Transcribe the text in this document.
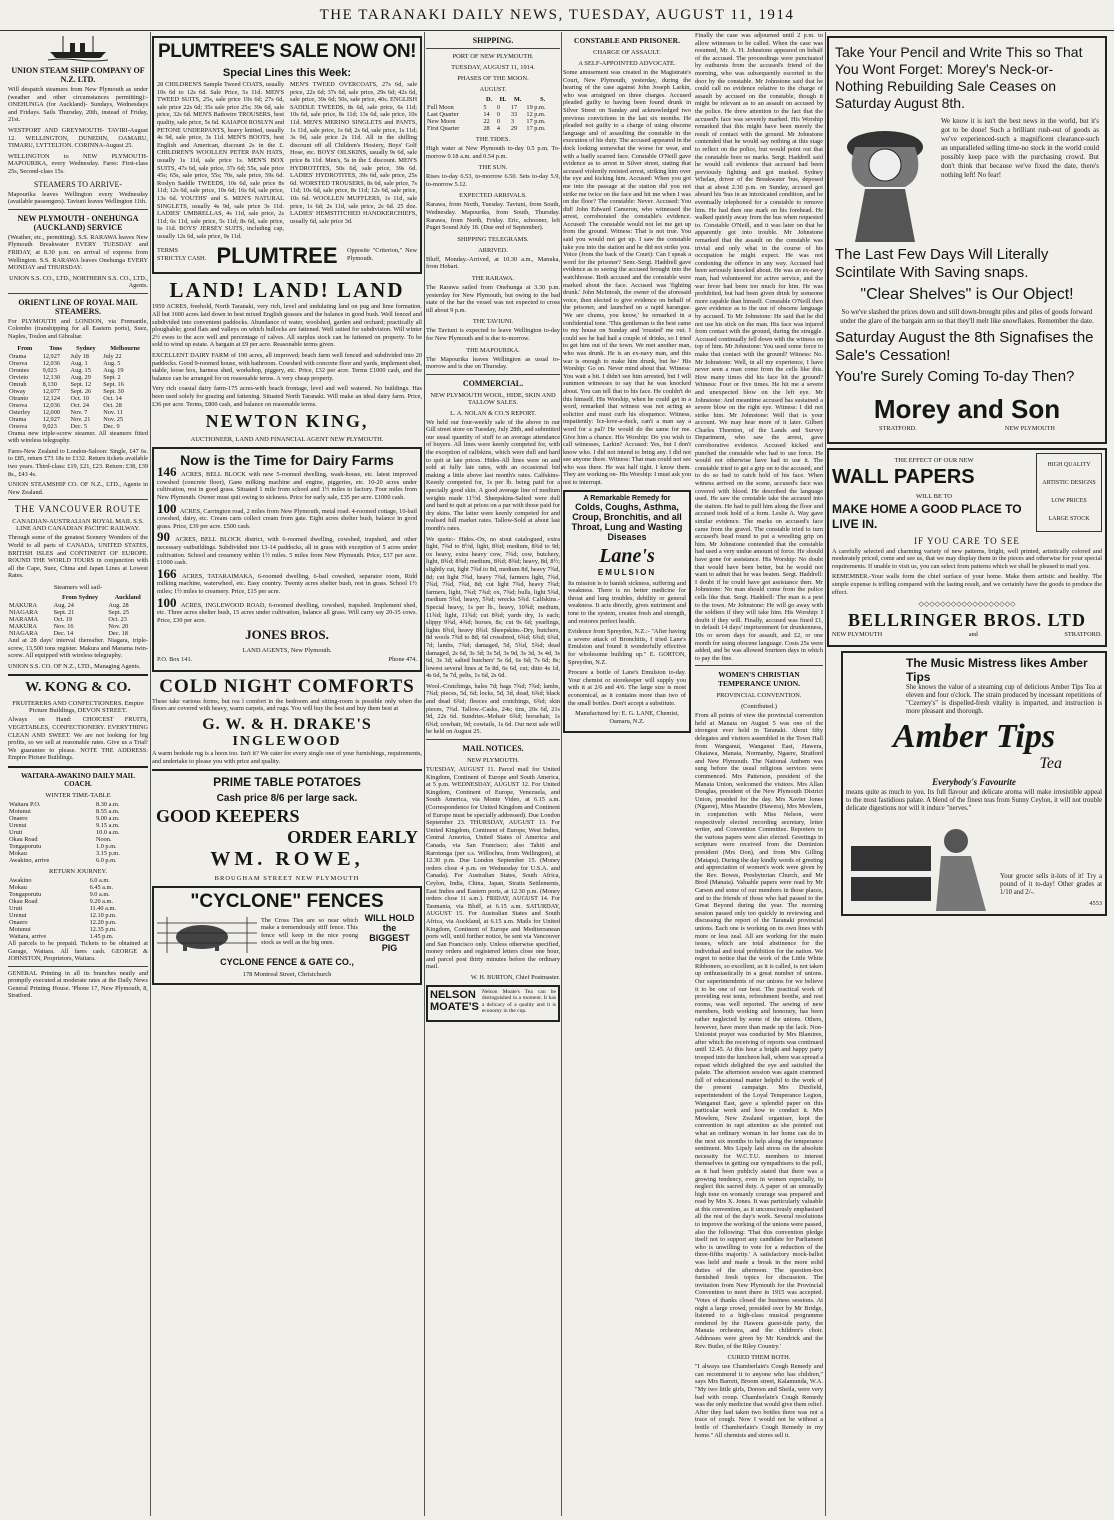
THE TARANAKI DAILY NEWS, TUESDAY, AUGUST 11, 1914
UNION STEAM SHIP COMPANY OF N.Z. LTD.

Will despatch steamers from New Plymouth as under (weather and other circumstances permitting):- ONEHUNGA (for Auckland)- Sundays, Wednesdays and Fridays. Sails Thursday, 20th, instead of Friday, 21st.

WESTPORT AND GREYMOUTH- TAVIRI-August 12. WELLINGTON, DUNEDIN, OAMARU, TIMARU, LYTTELTON. CORINNA-August 25.

WELLINGTON to NEW PLYMOUTH- MAPOURIKA, every Wednesday. Fares: First-class 25s, Second-class 15s.

STEAMERS TO ARRIVE-

Mapourika leaves Wellington every Wednesday (available passengers). Taviuni leaves Wellington 11th.

NEW PLYMOUTH - ONEHUNGA (AUCKLAND) SERVICE

(Weather, etc., permitting). S.S. RARAWA leaves New Plymouth Breakwater EVERY TUESDAY and FRIDAY, at 8.30 p.m. on arrival of express from Wellington. S.S. RARAWA leaves Onehunga EVERY MONDAY and THURSDAY.

UNION S.S. CO., LTD., NORTHERN S.S. CO., LTD., Agents.

ORIENT LINE OF ROYAL MAIL STEAMERS.

For PLYMOUTH and LONDON, via Fremantle, Colombo (transhipping for all Eastern ports), Suez, Naples, Toulon and Gibraltar.

From	Tons	Sydney	Melbourne
Orama	12,927	July 18	July 22
Orsova	12,036	Aug. 1	Aug. 5
Orontes	9,023	Aug. 15	Aug. 19
Orvieto	12,130	Aug. 29	Sept. 2
Omrah	8,130	Sept. 12	Sept. 16
Otway	12,077	Sept. 26	Sept. 30
Otranto	12,124	Oct. 10	Oct. 14
Orsova	12,036	Oct. 24	Oct. 28
Osterley	12,000	Nov. 7	Nov. 11
Orama	12,927	Nov. 21	Nov. 25
Orsova	9,023	Dec. 5	Dec. 9

Orama new triple-screw steamer. All steamers fitted with wireless telegraphy.

Fares-New Zealand to London-Saloon: Single, £47 6s. to £85, return £73 18s to £132. Return tickets available two years. Third-class: £19, £21, £23. Return: £38, £39 8s., £43 4s.

UNION STEAMSHIP CO. OF N.Z., LTD., Agents in New Zealand.

THE VANCOUVER ROUTE
CANADIAN-AUSTRALIAN ROYAL MAIL S.S. LINE AND CANADIAN PACIFIC RAILWAY.

Through some of the greatest Scenery Wonders of the World to all parts of CANADA, UNITED STATES, BRITISH ISLES and CONTINENT OF EUROPE. ROUND THE WORLD TOURS in conjunction with all the Cape, Suez, China and Japan Lines at Lowest Rates.

Steamers will sail-
	From Sydney	Auckland
MAKURA	Aug. 24	Aug. 28
NIAGARA	Sept. 21	Sept. 25
MARAMA	Oct. 19	Oct. 23
MAKURA	Nov. 16	Nov. 20
NIAGARA	Dec. 14	Dec. 18

And at 28 days' interval thereafter. Niagara, triple-screw, 13,500 tons register. Makura and Marama twin-screw. All equipped with wireless telegraphy.

UNION S.S. CO. OF N.Z., LTD., Managing Agents.

W. KONG & CO.
FRUITERERS AND CONFECTIONERS. Empire Picture Buildings, DEVON STREET.

Always on Hand: CHOICEST FRUITS, VEGETABLES, CONFECTIONERY. EVERYTHING CLEAN AND SWEET. We are not looking for big profits, so we sell at reasonable rates. Give us a Trial! We guarantee to please. NOTE THE ADDRESS: Empire Picture Buildings.

WAITARA-AWAKINO DAILY MAIL COACH.
WINTER TIME-TABLE
Waitara P.O.	8.30 a.m.
Motunui	8.55 a.m.
Onaero	9.00 a.m.
Urenui	9.15 a.m.
Uruti	10.0 a.m.
Okau Road	Noon.
Tongaporutu	1.0 p.m.
Mokau	3.15 p.m.
Awakino, arrive	6.0 p.m.
RETURN JOURNEY.
Awakino	6.0 a.m.
Mokau	6.45 a.m.
Tongaporutu	9.0 a.m.
Okau Road	9.20 a.m.
Uruti	11.40 a.m.
Urenui	12.10 p.m.
Onaero	12.20 p.m.
Motunui	12.35 p.m.
Waitara, arrive	1.45 p.m.

All parcels to be prepaid. Tickets to be obtained at Garage, Waitara. All fares cash. GEORGE & JOHNSTON, Proprietors, Waitara.

GENERAL Printing in all its branches neatly and promptly executed at moderate rates at the Daily News General Printing House. 'Phone 17, New Plymouth, 8, Stratford.

PLUMTREE'S SALE NOW ON!
Special Lines this Week:

28 CHILDREN'S Sample Tweed COATS, usually 10s 6d to 12s 6d. Sale Price, 5s 11d. MEN'S TWEED SUITS, 25s, sale price 19s 6d; 27s 6d, sale price 22s 6d; 35s sale price 25s; 39s 6d, sale price, 32s 6d. MEN'S Bathwire TROUSERS, best quality, sale price, 5s 6d. KAIAPOI ROSLYN and PETONE UNDERPANTS, heavy knitted, usually 4s 9d, sale price, 3s 11d. MEN'S BOOTS, best English and American, discount 2s in the £. CHILDREN'S WOOLLEN PETER PAN HATS, usually 1s 11d, sale price 1s. MEN'S BOX SUITS, 47s 6d, sale price, 37s 6d; 55s, sale price 45s; 65s, sale price, 55s; 70s, sale price, 59s 6d. Roslyn Saddle TWEEDS, 10s 6d, sale price 8s 11d; 12s 6d, sale price, 10s 6d; 16s 6d, sale price, 13s 6d. YOUTHS' and S. MEN'S NATURAL SINGLETS, usually 4s 9d, sale price 3s 11d. LADIES' UMBRELLAS, 4s 11d, sale price, 2s 11d; 6s 11d, sale price, 5s 11d; 8s 6d, sale price, 6s 11d. BOYS' JERSEY SUITS, including cap, usually 12s 6d, sale price, 9s 11d.

MEN'S TWEED OVERCOATS, 27s 6d, sale price, 22s 6d; 37s 6d, sale price, 29s 6d; 42s 6d, sale price, 39s 6d; 50s, sale price, 40s. ENGLISH SADDLE TWEEDS, 8s 6d, sale price, 6s 11d; 10s 6d, sale price, 8s 11d; 13s 6d, sale price, 10s 11d. MEN'S MERINO SINGLETS and PANTS, 1s 11d, sale price, 1s 6d; 2s 6d, sale price, 1s 11d; 3s 9d, sale price 2s 11d. All in the shilling discount off all Children's Hosiery, Boys' Golf Hose, etc. BOYS' OILSKINS, usually 9s 6d, sale price 8s 11d. Men's, 5s in the £ discount. MEN'S HYDROTITES, 50s 6d, sale price, 39s 6d. LADIES' HYDROTITES, 39s 6d, sale price, 25s 6d. WORSTED TROUSERS, 8s 6d, sale price, 7s 11d; 10s 6d, sale price, 8s 11d; 12s 6d, sale price, 10s 6d. WOOLLEN MUFFLERS, 1s 11d, sale price, 1s 6d; 2s 11d, sale price, 2s 6d. 25 doz. LADIES' HEMSTITCHED HANDKERCHIEFS, usually 6d, sale price 3d.

TERMS STRICTLY CASH. PLUMTREE Opposite "Criterion," New Plymouth.
LAND! LAND! LAND

1950 ACRES, freehold, North Taranaki, very rich, level and undulating land on pug and lime formation. All but 1600 acres laid down in best mixed English grasses and the balance in good bush. Well fenced and subdivided into convenient paddocks. Abundance of water, woolshed, garden and orchard; practically all ploughable; good flats and valleys on which bullocks are fattened. Well suited for subdivision. Will winter 2½ ewes to the acre well and percentage of calves. All surplus stock can be fattened on property. To be sold to wind up estate. A bargain at £9 per acre. Reasonable terms given.

EXCELLENT DAIRY FARM of 190 acres, all improved; beach farm well fenced and subdivided into 20 paddocks. Good 9-roomed house, with bathroom. Cowshed with concrete floor and yards, implement shed, stable, loose box, harness shed, workshop, piggery, etc. Price, £32 per acre. Terms £1000 cash, and the balance can be arranged for on reasonable terms. A very cheap property.

Very rich coastal dairy farm-175 acres-with beach frontage, level and well watered. No buildings. Has been used solely for grazing and fattening. Situated North Taranaki. Will make an ideal dairy farm. Price, £36 per acre. Terms, £800 cash, and balance on reasonable terms.

NEWTON KING,
AUCTIONEER, LAND AND FINANCIAL AGENT NEW PLYMOUTH.
Now is the Time for Dairy Farms

146 ACRES, BELL BLOCK with new 5-roomed dwelling, wash-house, etc. latest improved cowshed (concrete floor), Gane milking machine and engine, piggeries, etc. 10-20 acres under cultivation, rest in good grass. Situated 1 mile from school and 1½ miles to factory. Four miles from New Plymouth. Owner must quit owing to sickness. Price for early sale, £35 per acre. £1000 cash.

100 ACRES, Carrington road, 2 miles from New Plymouth, metal road. 4-roomed cottage, 10-bail cowshed, dairy, etc. Cream carts collect cream from gate. Eight acres shelter bush, balance in good grass. Price, £39 per acre. £500 cash.

90 ACRES, BELL BLOCK district, with 6-roomed dwelling, cowshed, trapshed, and other necessary outbuildings. Subdivided into 13-14 paddocks, all in grass with exception of 5 acres under cultivation. School and creamery within 1½ miles. 5 miles from New Plymouth. Price, £37 per acre. £1000 cash.

166 ACRES, TATARAIMAKA, 6-roomed dwelling, 6-bail cowshed, separator room, Ridd milking machine, waterwheel, etc. Easy country. Twenty acres shelter bush, rest in grass. School 1½ miles; 1½ miles to creamery. Price, £15 per acre.

100 ACRES, INGLEWOOD ROAD, 6-roomed dwelling, cowshed, trapshed. Implement shed, etc. Three acres shelter bush, 15 acres under cultivation, balance all grass. Will carry say 20-35 cows. Price, £30 per acre.

JONES BROS.
LAND AGENTS, New Plymouth.
P.O. Box 141.	Phone 474.
COLD NIGHT COMFORTS

These take various forms, but rea l comfort in the bedroom and sitting-room is possible only when the floors are covered with heavy, warm carpets, and rugs. You will buy the best and buy them best at

G. W. & H. DRAKE'S
INGLEWOOD

A warm bedside rug is a hoon too. Isn't it? We cater for every single one of your furnishings, requirements, and undertake to please you with price and quality.

PRIME TABLE POTATOES
Cash price 8/6 per large sack.
GOOD KEEPERS
ORDER EARLY
WM. ROWE,
BROUGHAM STREET NEW PLYMOUTH
"CYCLONE" FENCES

The Cross Ties are so near which make a tremendously stiff fence. This fence will keep in the nice young stock as well as the big ones.

WILL HOLD the BIGGEST PIG
CYCLONE FENCE & GATE CO.,
178 Montreal Street, Christchurch
SHIPPING.
PORT OF NEW PLYMOUTH.
TUESDAY, AUGUST 11, 1914.
PHASES OF THE MOON.
AUGUST.
	D.	H.	M.	S.
Full Moon	5	0	17	19 p.m.
Last Quarter	14	0	33	12 p.m.
New Moon	22	0	3	17 p.m.
First Quarter	28	4	29	17 p.m.
THE TIDES.

High water at New Plymouth to-day 0.5 p.m. To-morrow 0.18 a.m. and 0.54 p.m.

THE SUN.

Rises to-day 6.53, to-morrow 6.50. Sets to-day 5.9, to-morrow 5.12.

EXPECTED ARRIVALS.

Rarawa, from North, Tuesday. Taviuni, from South, Wednesday. Mapourika, from South, Thursday. Rarawa, from North, Friday. Eric, schooner, left Puget Sound July 18. (Due end of September).

SHIPPING TELEGRAMS.
ARRIVED.

Bluff, Monday.-Arrived, at 10.30 a.m., Manuka, from Hobart.

THE RARAWA.

The Rarawa sailed from Onehunga at 3.30 p.m. yesterday for New Plymouth, but owing to the bad state of the bar the vessel was not expected to cross till about 9 p.m.

THE TAVIUNI.

The Taviuni is expected to leave Wellington to-day for New Plymouth and is due to-morrow.

THE MAPOURIKA.

The Mapourika leaves Wellington as usual to-morrow and is due on Thursday.

COMMERCIAL.
NEW PLYMOUTH WOOL, HIDE, SKIN AND TALLOW SALES.
L. A. NOLAN & CO.'S REPORT.

We held our four-weekly sale of the above in our Gill street store on Tuesday, July 28th, and submitted our usual quantity of stuff to an average attendance of buyers. All lines were keenly competed for, with the exception of calfskins, which were dull and hard to quit at late prices. Hides-All lines were on and sold at fully late rates, with an occasional bid making a little above last month's rates. Calfskins-Keenly competed for, 1s per lb. being paid for a specially good skin. A good average line of medium weights made 11½d. Sheepskins-Salted were dull and hard to quit at prices on a par with those paid for dry skins. The latter were keenly competed for and realised full market rates. Tallow-Sold at about last month's rates.

We quote:- Hides.-Ox, no stout catalogued, extra light, 7¾d to 8½d, light, 8¾d; medium, 8¾d to 9d; ox heavy, extra heavy cow, 7¾d; cow, butchery, light, 8¾d; 8¾d; medium, 8¾d; 8¾d; heavy, 8d, 8½; slightly cut, light 7¾d to 8d, medium 8d, heavy 7¾d, 8d; cut light 7¾d, heavy 7¾d, farmers light, 7¾d, 7¾d, 7¾d, 7¾d, 8d; cut light 7¾d, heavy 7¾d; farmers, light, 7¾d; 7¾d; ox, 7¾d; bulls, light 5¾d, medium 5¾d, heavy, 5¾d; wrecks 5¾d. Calfskins.-Special heavy, 1s per lb., heavy, 10¾d; medium, 11¾d; light, 11¾d; cut 8¾d; yards dry, 1s each; slippy 9¾d, 4¾d; horses, 8s; cut 9s 6d; yearlings, lights 8¾d, heavy 8¾d. Sheepskins.-Dry, butchers, 8d wools 7¾d to 8d; 6d crossbred, 6¾d; 6¾d; 6¾d, 7d; lambs, 7¾d; damaged, 5d, 5¾d, 5¾d; dead damaged, 2s 6d, 3s 3d; 3s 5d, 3s 9d, 3s 3d, 3s 4d, 3s 6d, 3s 3d; salted butchers' 5s 6d, 6s 6d; 7s 6d; 8s; lowest several lines at 5s 8d, 6s 6d, cut; ditto 4s 1d, 4s 6d, 5s 7d, pelts, 1s 6d, 2s 6d.

Wool.-Crutchings, bales 7d; bags 7¾d; 7¾d; lambs, 7¾d; pieces, 5d, 6d; locks, 5d, 3d, dead, 6¾d; black and dead 6¾d; fleeces and crutchings, 6¾d; skin pieces, 7¾d. Tallow.-Casks, 24s; tins, 20s 6d, 21s 9d, 22s 6d. Sundries.-Mohair 6¾d; horsehair, 1s 6¾d; cowhair, 9d; cowtails, 1s 6d. Our next sale will be held on August 25.

MAIL NOTICES.
NEW PLYMOUTH.

TUESDAY, AUGUST 11. Parcel mail for United Kingdom, Continent of Europe and South America, at 5 p.m. WEDNESDAY, AUGUST 12. For United Kingdom, Continent of Europe, Venezuela, and South America, via Monte Video, at 6.15 a.m. (Correspondence for United Kingdom and Continent of Europe must be specially addressed). Due London September 23. THURSDAY, AUGUST 13. For United Kingdom, Continent of Europe, West Indies, Central America, United States of America and Canada, via San Francisco; also Tahiti and Rarotonga (per s.s. Willochra, from Wellington), at 12.30 p.m. Due London September 15. (Money orders close 4 p.m. on Wednesday for U.S.A. and Canada). For Australian States, South Africa, Ceylon, India, China, Japan, Straits Settlements, East Indies and Eastern ports, at 12.30 p.m. (Money orders close 11 a.m.). FRIDAY, AUGUST 14. For Tasmania, via Bluff, at 6.15 a.m. SATURDAY, AUGUST 15. For Australian States and South Africa, via Auckland, at 6.15 a.m. Mails for United Kingdom, Continent of Europe and Mediterranean ports will, until further notice, be sent via Vancouver and San Francisco only. Unless otherwise specified, money orders and registered letters close one hour, and parcel post thirty minutes before the ordinary mail.

W. H. BURTON, Chief Postmaster.

NELSON
MOATE'S

Nelson Moate's Tea can be distinguished in a moment. It has a delicacy of a quality and it is economy in the cup.

CONSTABLE AND PRISONER.
CHARGE OF ASSAULT.
A SELF-APPOINTED ADVOCATE.

Some amusement was created in the Magistrate's Court, New Plymouth, yesterday, during the hearing of the case against John Joseph Larkin, who was arraigned on three charges. Accused pleaded guilty to having been found drunk in Silver Street on Sunday and acknowledged two previous convictions in the last six months. He pleaded not guilty to a charge of using obscene language and of assaulting the constable in the execution of his duty. The accused appeared in the dock looking somewhat the worse for wear, and with a badly scarred face. Constable O'Neill gave evidence as to arrest in Silver street, stating that accused violently resisted arrest, striking him over the eye and kicking him. Accused: When you got me into the passage at the station did you not strike me twice on the face and hit me when I was on the floor? The constable: Never. Accused: You did! John Edward Cameron, who witnessed the arrest, corroborated the constable's evidence. Accused: The constable would not let me get up from the ground. Witness: That is not true. You said you would not get up. I saw the constable take you into the station and he did not strike you. Voice (from the back of the Court): Can I speak a word for the prisoner? Senr.-Sergt. Haddrell gave evidence as to seeing the accused brought into the watchhouse. Both accused and the constable were marked about the face. Accused was 'fighting drunk.' John McIntosh, the owner of the aforesaid voice, then elected to give evidence on behalf of the prisoner, and launched on a rapid harangue. 'We are chums, you know,' he remarked in a confidential tone. 'This gentleman is the best came to my house on Sunday and 'rousted' me out. I could see he had had a couple of drinks, so I tried to get him out of the town. We met another man, who was drunk. He is an ex-navy man, and this war is enough to make him drunk, but he-' His Worship: Go on. Never mind about that. Witness: You wait a bit. I didn't see him arrested, but I will summon witnesses to say that he was knocked about. You can tell that to his face. He couldn't do this himself. His Worship, when he could get in a word, remarked that witness was not acting as solicitor and must curb his eloquence. Witness, impatiently: Ice-love-a-duck, can't a man say a word for a pal? He would do the same for me. Give him a chance. His Worship: Do you wish to call witnesses, Larkin? Accused: Yes, but I don't know who. I did not intend to bring any. I did not see anyone there. Witness: That man could not see who was there. He was half tight. I know them. They are working on- His Worship: I must ask you not to interrupt.

A Remarkable Remedy for
Colds, Coughs, Asthma, Croup, Bronchitis, and all Throat, Lung and Wasting Diseases
Lane's
EMULSION

Its mission is to banish sickness, suffering and weakness. There is no better medicine for throat and lung troubles, debility or general weakness. It acts directly, gives nutriment and tone to the system, creates fresh and strength, and restores perfect health.

Evidence from Spreydon, N.Z.:- "After having a severe attack of Bronchitis, I tried Lane's Emulsion and found it wonderfully effective for wholesome building up." E. GORTON, Spreydon, N.Z.

Procure a bottle of Lane's Emulsion to-day. Your chemist or storekeeper will supply you with it at 2/6 and 4/6. The large size is most economical, as it contains more than two of the small bottles. Don't accept a substitute.

Manufactured by: E. G. LANE, Chemist, Oamaru, N.Z.

Finally the case was adjourned until 2 p.m. to allow witnesses to be called. When the case was resumed, Mr. A. H. Johnstone appeared on behalf of the accused. The proceedings were punctuated by outbursts from the accused's friend of the morning, who was subsequently escorted to the door by the constable. Mr Johnstone said that he could call no evidence relative to the charge of assault by accused on the constable, though it might be relevant as to an assault on accused by the police. He drew attention to the fact that the accused's face was severely marked. His Worship remarked that this might have been merely the result of contact with the ground. Mr Johnstone contended that he would say nothing at this stage to reflect on the police, but would point out that the constable bore no marks. Sergt. Haddrell said he would call evidence that accused had been previously fighting and got marked. Sydney Whelan, driver of the Breakwater 'bus, deposed that at about 2.30 p.m. on Sunday, accused got aboard his 'bus in an intoxicated condition, and he eventually telephoned for a constable to remove him. He had then one mark on his forehead. He walked quietly away from the bus when requested to. Constable O'Neill, and it was later on that he apparently got into trouble. Mr Johnstone remarked that the assault on the constable was trivial and only what in the course of his occupation he might expect. He was not condoning the offence in any way. Accused had been seriously knocked about. He was an ex-navy man, had volunteered for active service, and the war fever had been too much for him. He was prohibited, but had been given drink by someone more capable than himself. Constable O'Neill then gave evidence as to the use of obscene language by accused. To Mr Johnstone: He said that he did not use his stick on the man. His face was injured from contact with the ground, during the struggle. Accused continually fell down with the witness on top of him. Mr Johnstone: You used some force to make that contact with the ground? Witness: No. Mr Johnstone: Well, in all my experience, I have never seen a man come from the cells like this. How many times did his face hit the ground? Witness: Four or five times. He hit me a severe and unexpected blow on the left eye. Mr Johnstone: And meantime accused has sustained a severe blow on the right eye. Witness: I did not strike him. Mr Johnstone: Well that is your account. We may hear more of it later. Gilbert Charles Thornton, of the Lands and Survey Department, who saw the arrest, gave corroborative evidence. Accused kicked and punched the constable who had to use force. He would not otherwise have had to use it. The constable tried to get a grip on to the accused, and to do so had to catch hold of his face. When witness arrived on the scene, accused's face was covered with blood. He described the language used. He saw the constable take the accused into the station. He had to pull him along the floor and accused took hold of a form. Leslie A. Way gave similar evidence. The marks on accused's face came from the gravel. The constable tried to turn accused's head round to put a wrestling grip on him. Mr Johnstone contended that the constable had used a very undue amount of force. He should have gone for assistance. His Worship: No doubt that would have been better, but he would not want to admit that he was beaten. Sergt. Haddrell: I doubt if he could have got assistance then. Mr Johnstone: No man should come from the police cells like that. Sergt. Haddrell: The man is a pest to the town. Mr Johnstone: He will go away with the soldiers if they will take him. His Worship: I doubt if they will. Finally, accused was fined £1, in default 14 days' imprisonment for drunkenness, 10s or seven days for assault, and £2, or one month for using obscene language. Costs 25s were added, and he was allowed fourteen days in which to pay the fine.

WOMEN'S CHRISTIAN TEMPERANCE UNION.
PROVINCIAL CONVENTION.
(Contributed.)

From all points of view the provincial convention held at Manaia on August 5 was one of the strongest ever held in Taranaki. About fifty delegates and visitors assembled in the Town Hall from Wanganui, Wanganui East, Hawera, Okaiawa, Manaia, Normanby, Ngaere, Stratford and New Plymouth. The National Anthem was sung before the usual religious services were commenced. Mrs Patterson, president of the Manaia Union, welcomed the visitors. Mrs Allan Douglas, president of the New Plymouth District Union, presided for the day. Mrs Xavier Jones (Ngaere), Miss Maundre (Hawera), Mrs Mowlem, in conjunction with Miss Nelson, were respectively elected recording secretary, letter writer, and Convention Committee. Reporters to the various papers were also elected. Greetings in scripture were received from the Dominion president (Mrs Don), and from Mrs Gilling (Matapu). During the day kindly words of greeting and appreciation of women's work were given by the Rev. Bowes, Presbyterian Church, and Mr Brod (Manaia). Valuable papers were read by Mr Carson and some of our members in those places, and to the friends of those who had passed to the Great Beyond during the year. The morning session passed only too quickly in reviewing and discussing the report of the Taranaki provincial unions. Each one is working on its own lines with more or less zeal. All are working for the main issues, which are total abstinence for the individual and total prohibition for the nation. We regret to notice that the work of the Little White Ribboners, so excellent, as it is called, is not taken up enthusiastically in a great number of unions. Our superintendents of our unions for we believe it to be one of our best. The practical work of providing rest tents, refreshment booths, and rest rooms, was well reported. The sewing of new members, both working and honorary, has been rather neglected by some of the unions. Others, however, have more than made up the lack. Non-Unionist prayer was conducted by Mrs Blamires, after which the receiving of reports was continued until 12.45. At this hour a bright and happy party trooped into the luncheon hall, where was spread a repast which delighted the eye and satisfied the palate. The afternoon session was again crammed full of educational matter helpful to the work of the present campaign. Mrs Duxfield, superintendent of the Loyal Temperance Legion, Wanganui East, gave a splendid paper on this particular work and how to conduct it. Mrs Mowlem, New Zealand organiser, kept the convention in rapt attention as she pointed out what an ordinary woman in her home can do in the next six months to help along the temperance sentiment. Mrs Lipsly laid stress on the absolute necessity for W.C.T.U. members to interest themselves in getting our sympathisers to the poll, as it had been publicly stated that there was a growing tendency, even in women especially, to neglect this sacred duty. A paper of an unusually high tone on womanly courage was prepared and read by Mrs X. Jones. It was particularly valuable at this convention, as it unconsciously emphasised all the rest of the day's work. Several resolutions to improve the working of the unions were passed, also the following: 'That this convention pledge itself not to support any candidate for Parliament who is unwilling to vote for a reduction of the three-fifths majority.' A satisfactory mock-ballot was held and made a break in the more solid duties of the afternoon. The question-box furnished fresh topics for discussion. The invitation from New Plymouth for the Provincial Convention to meet there in 1915 was accepted. 'Votes of thanks closed the business sessions. At night a large crowd, presided over by Mr Bridge, listened to a high-class musical programme rendered by the Hawera guest-tide party, the Manaia orchestra, and the children's choir. Addresses were given by Mr Kendrick and the Rev. Butler, of the Riley Country.'

CURED THEM BOTH.

"I always use Chamberlain's Cough Remedy and can recommend it to anyone who has children," says Mrs Barrett, Broom street, Kalamunda, W.A. "My two little girls, Doreen and Sheila, were very bad with croup. Chamberlain's Cough Remedy was the only medicine that would give them relief. After they had taken two bottles there was not a trace of cough. Now I would not be without a bottle of Chamberlain's Cough Remedy in my home." All chemists and stores sell it.

Take Your Pencil and Write This so That You Wont Forget: Morey's Neck-or-Nothing Rebuilding Sale Ceases on Saturday August 8th.

We know it is isn't the best news in the world, but it's got to be done! Such a brilliant rush-out of goods as we've experienced-such a magnificent clearance-such an unparalleled selling time-no stock in the world could possibly keep pace with the purchasing crowd. But don't think that because we've fixed the date, there's nothing left! No fear!

The Last Few Days Will Literally Scintilate With Saving snaps.
"Clear Shelves" is Our Object!

So we've slashed the prices down and still down-brought piles and piles of goods forward under the glare of the bargain arm so that they'll melt like snowflakes. Remember the date.

Saturday August the 8th Signafises the Sale's Cessation!
You're Surely Coming To-day Then?
Morey and Son
STRATFORD.	NEW PLYMOUTH
THE EFFECT OF OUR NEW
WALL PAPERS
WILL BE TO
MAKE HOME A GOOD PLACE TO LIVE IN.
HIGH QUALITY
ARTISTIC DESIGNS
LOW PRICES
LARGE STOCK
IF YOU CARE TO SEE

A carefully selected and charming variety of new patterns, bright, well printed, artistically colored and moderately priced, come and see us, that we may display them in the pieces and otherwise for your special requirements. If unable to visit us, you can select from patterns which we shall be pleased to mail you.

REMEMBER.-Your walls form the chief surface of your home. Make them artistic and healthy. The simple expense is trifling compared with the lasting result, and we certainly have the goods to produce the effect.

◇◇◇◇◇◇◇◇◇◇◇◇◇◇◇◇◇◇
BELLRINGER BROS. LTD
NEW PLYMOUTH	and	STRATFORD.
The Music Mistress likes Amber Tips

She knows the value of a steaming cup of delicious Amber Tips Tea at eleven and four o'clock. The strain produced by incessant repetitions of "Czerney's" is dispelled-fresh vitality is imparted, and instruction is more pleasant and thorough.

Amber Tips
Tea
Everybody's Favourite

means quite as much to you. Its full flavour and delicate aroma will make irresistible appeal to the most fastidious palate. A blend of the finest teas from Sunny Ceylon, it will not trouble delicate digestions nor will it induce "nerves."

Your grocer sells it-lots of it! Try a pound of it to-day! Other grades at 1/10 and 2/-.

4553
